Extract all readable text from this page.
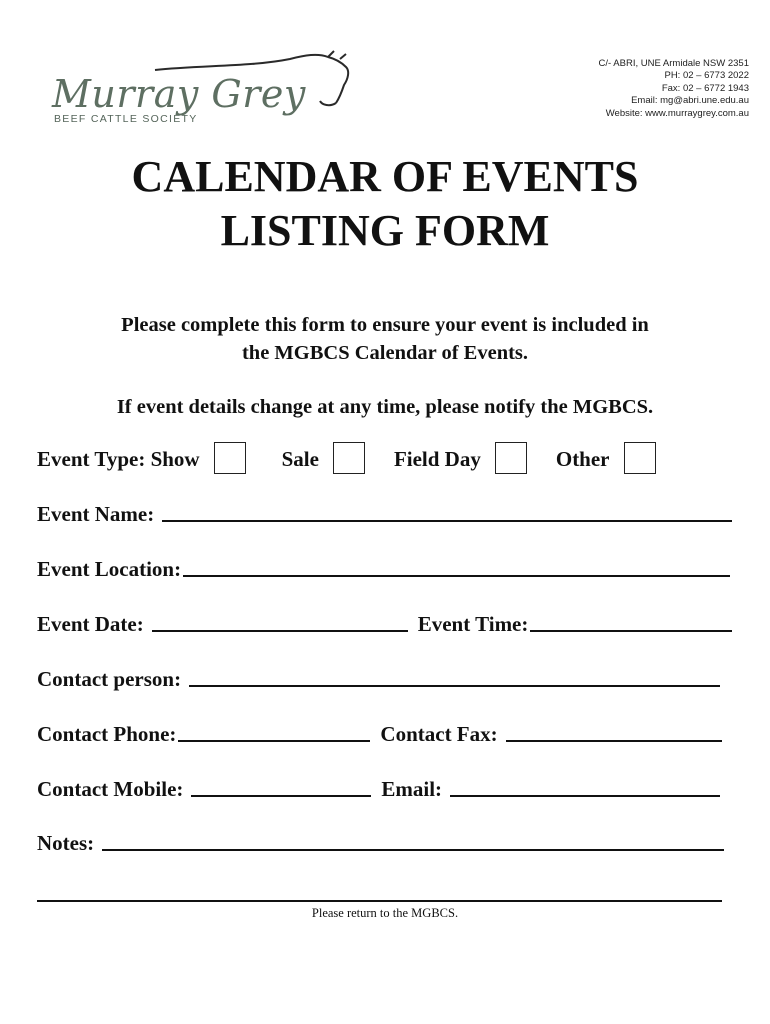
Murray Grey
BEEF CATTLE SOCIETY
C/- ABRI, UNE Armidale NSW 2351
PH: 02 – 6773 2022
Fax: 02 – 6772 1943
Email: mg@abri.une.edu.au
Website: www.murraygrey.com.au
CALENDAR OF EVENTS
LISTING FORM
Please complete this form to ensure your event is included in
the MGBCS Calendar of Events.
If event details change at any time, please notify the MGBCS.
Event Type:
Show	Sale	Field Day	Other
Event Name:
Event Location:
Event Date:	Event Time:
Contact person:
Contact Phone:	Contact Fax:
Contact Mobile:	Email:
Notes:
Please return to the MGBCS.
